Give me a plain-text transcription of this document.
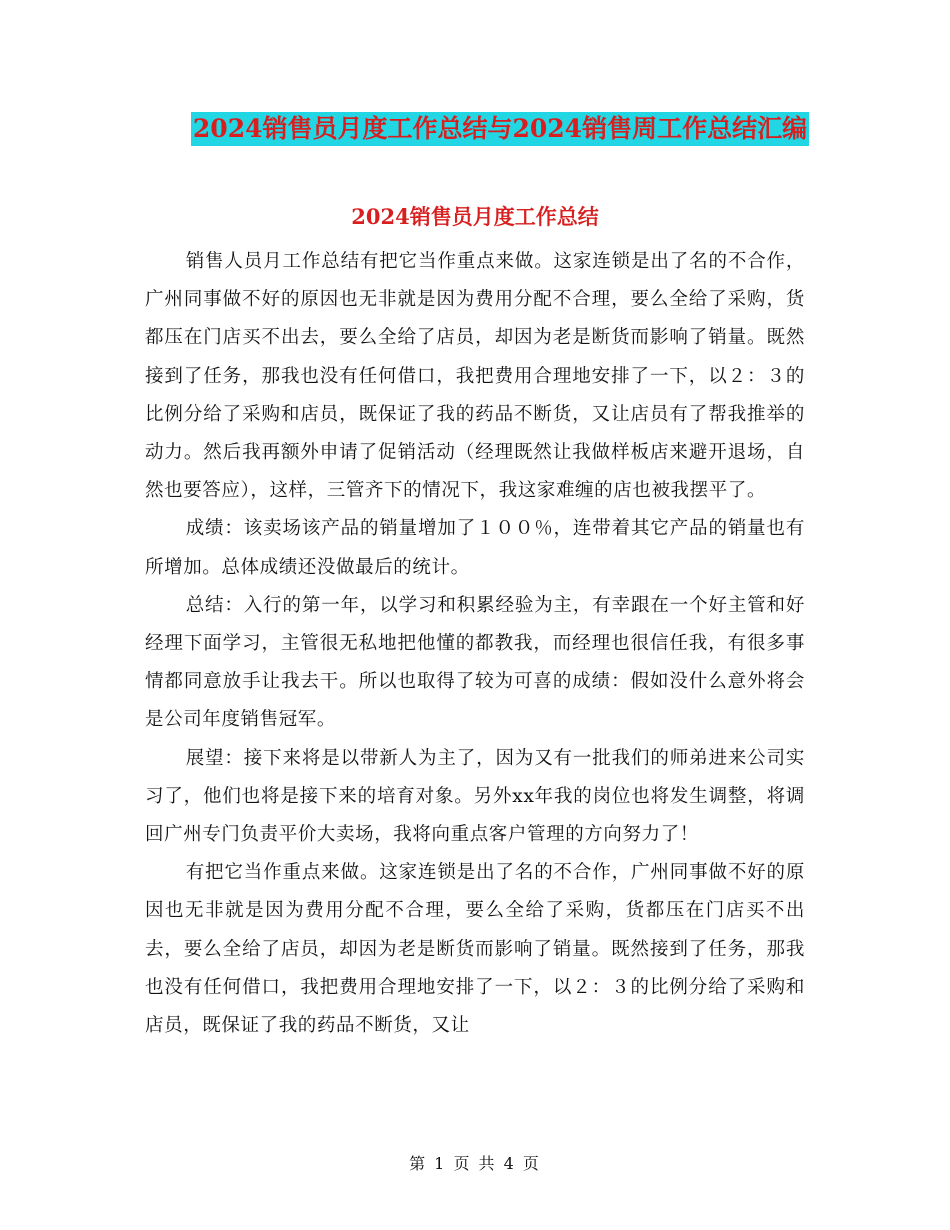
2024销售员月度工作总结与2024销售周工作总结汇编
2024销售员月度工作总结

销售人员月工作总结有把它当作重点来做。这家连锁是出了名的不合作，广州同事做不好的原因也无非就是因为费用分配不合理，要么全给了采购，货都压在门店买不出去，要么全给了店员，却因为老是断货而影响了销量。既然接到了任务，那我也没有任何借口，我把费用合理地安排了一下，以２：３的比例分给了采购和店员，既保证了我的药品不断货，又让店员有了帮我推举的动力。然后我再额外申请了促销活动（经理既然让我做样板店来避开退场，自然也要答应），这样，三管齐下的情况下，我这家难缠的店也被我摆平了。

成绩：该卖场该产品的销量增加了１００％，连带着其它产品的销量也有所增加。总体成绩还没做最后的统计。

总结：入行的第一年，以学习和积累经验为主，有幸跟在一个好主管和好经理下面学习，主管很无私地把他懂的都教我，而经理也很信任我，有很多事情都同意放手让我去干。所以也取得了较为可喜的成绩：假如没什么意外将会是公司年度销售冠军。

展望：接下来将是以带新人为主了，因为又有一批我们的师弟进来公司实习了，他们也将是接下来的培育对象。另外xx年我的岗位也将发生调整，将调回广州专门负责平价大卖场，我将向重点客户管理的方向努力了！

有把它当作重点来做。这家连锁是出了名的不合作，广州同事做不好的原因也无非就是因为费用分配不合理，要么全给了采购，货都压在门店买不出去，要么全给了店员，却因为老是断货而影响了销量。既然接到了任务，那我也没有任何借口，我把费用合理地安排了一下，以２：３的比例分给了采购和店员，既保证了我的药品不断货，又让

第 1 页 共 4 页
